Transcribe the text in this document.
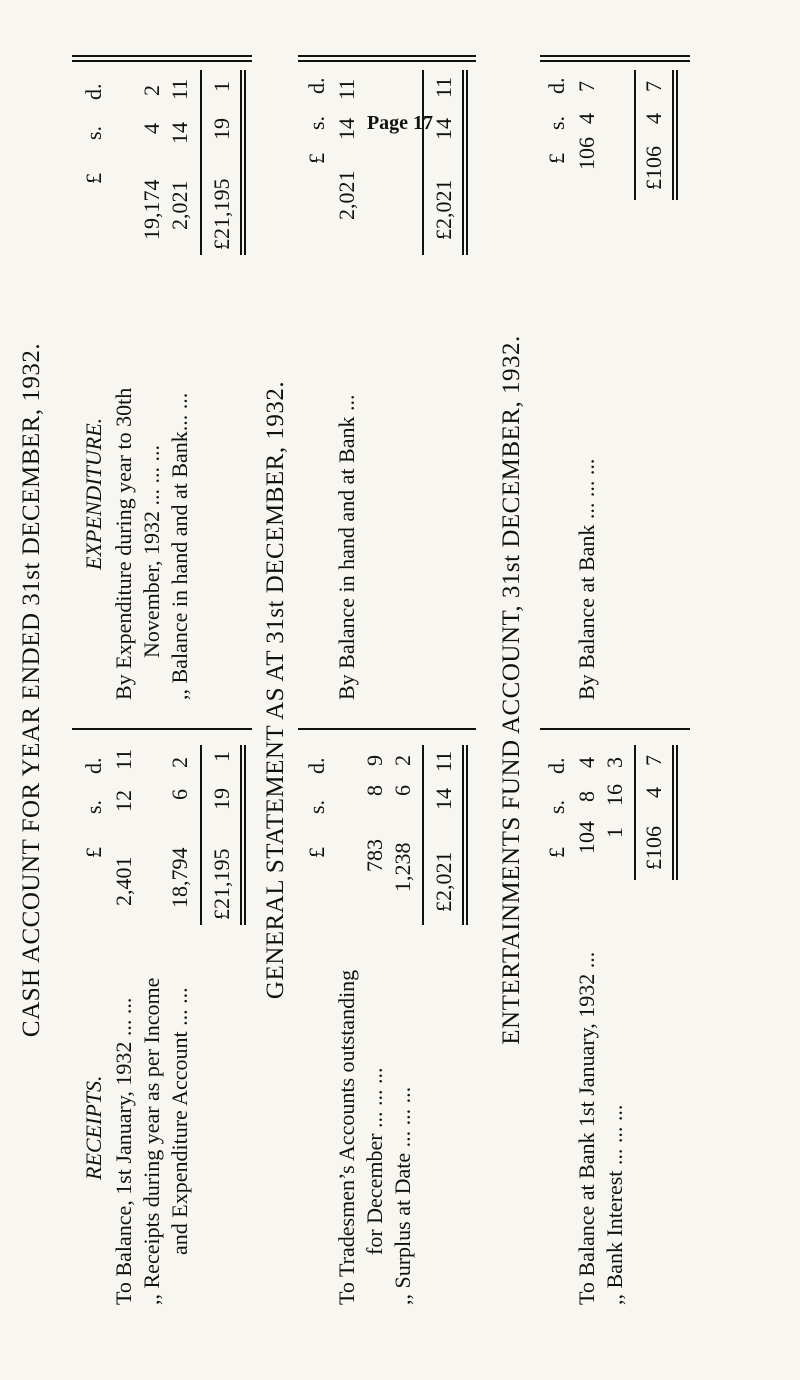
Page 17
CASH ACCOUNT FOR YEAR ENDED 31st DECEMBER, 1932.
RECEIPTS.
£
s.
d.
To Balance, 1st January, 1932 ... ...
2,401
12
11
,, Receipts during year as per Income and Expenditure Account ... ...
18,794
6
2
£21,195
19
1
EXPENDITURE.
£
s.
d.
By Expenditure during year to 30th November, 1932 ... ... ...
19,174
4
2
,, Balance in hand and at Bank... ...
2,021
14
11
£21,195
19
1
GENERAL STATEMENT AS AT 31st DECEMBER, 1932. £
s.
d.
To Tradesmen’s Accounts outstanding for December ... ... ...
783
8
9
,, Surplus at Date ... ... ...
1,238
6
2
£2,021
14
11
£
s.
d.
By Balance in hand and at Bank ...
2,021
14
11
£2,021
14
11
ENTERTAINMENTS FUND ACCOUNT, 31st DECEMBER, 1932. £
s.
d.
To Balance at Bank 1st January, 1932 ...
104
8
4
,, Bank Interest ... ... ...
1
16
3
£106
4
7
£
s.
d.
By Balance at Bank ... ... ...
106
4
7
£106
4
7
